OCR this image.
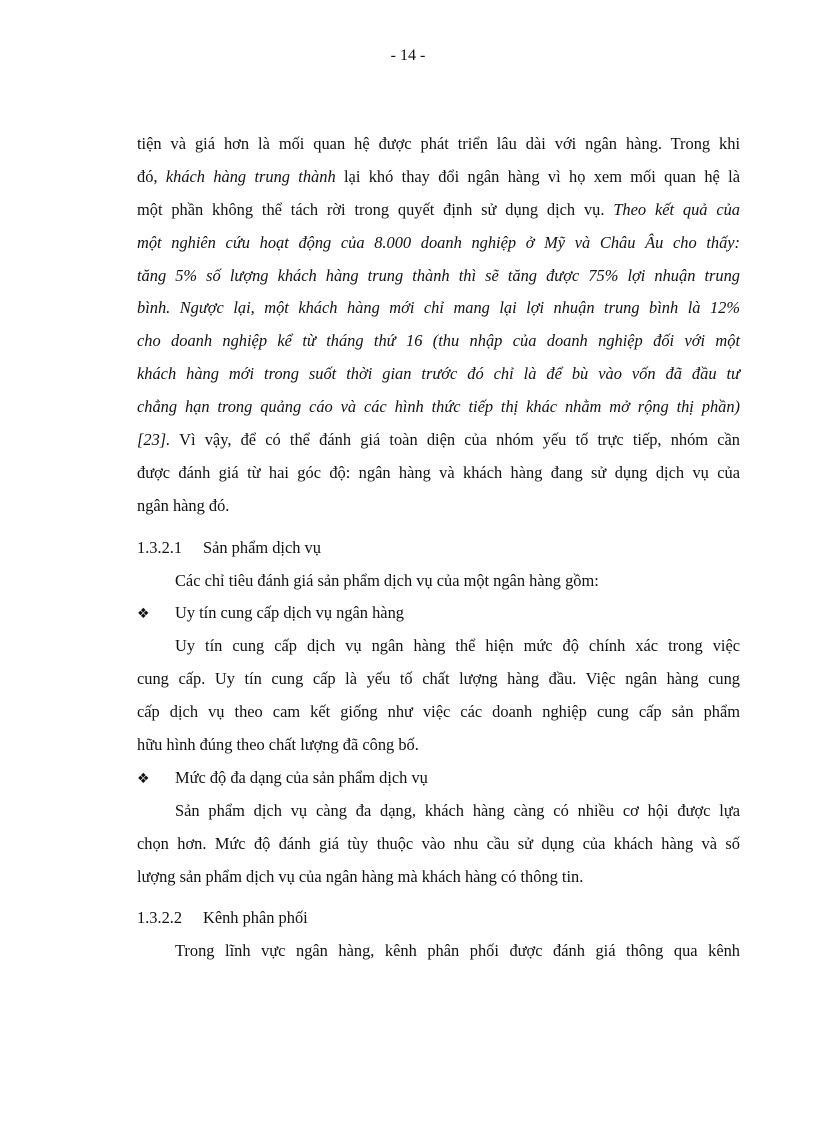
- 14 -
tiện và giá hơn là mối quan hệ được phát triển lâu dài với ngân hàng. Trong khi
đó, khách hàng trung thành lại khó thay đổi ngân hàng vì họ xem mối quan hệ là
một phần không thể tách rời trong quyết định sử dụng dịch vụ. Theo kết quả của
một nghiên cứu hoạt động của 8.000 doanh nghiệp ở Mỹ và Châu Âu cho thấy:
tăng 5% số lượng khách hàng trung thành thì sẽ tăng được 75% lợi nhuận trung
bình. Ngược lại, một khách hàng mới chỉ mang lại lợi nhuận trung bình là 12%
cho doanh nghiệp kể từ tháng thứ 16 (thu nhập của doanh nghiệp đối với một
khách hàng mới trong suốt thời gian trước đó chỉ là để bù vào vốn đã đầu tư
chẳng hạn trong quảng cáo và các hình thức tiếp thị khác nhằm mở rộng thị phần)
[23]. Vì vậy, để có thể đánh giá toàn diện của nhóm yếu tố trực tiếp, nhóm cần
được đánh giá từ hai góc độ: ngân hàng và khách hàng đang sử dụng dịch vụ của
ngân hàng đó.
1.3.2.1 Sản phẩm dịch vụ
Các chỉ tiêu đánh giá sản phẩm dịch vụ của một ngân hàng gồm:
❖ Uy tín cung cấp dịch vụ ngân hàng
Uy tín cung cấp dịch vụ ngân hàng thể hiện mức độ chính xác trong việc
cung cấp. Uy tín cung cấp là yếu tố chất lượng hàng đầu. Việc ngân hàng cung
cấp dịch vụ theo cam kết giống như việc các doanh nghiệp cung cấp sản phẩm
hữu hình đúng theo chất lượng đã công bố.
❖ Mức độ đa dạng của sản phẩm dịch vụ
Sản phẩm dịch vụ càng đa dạng, khách hàng càng có nhiều cơ hội được lựa
chọn hơn. Mức độ đánh giá tùy thuộc vào nhu cầu sử dụng của khách hàng và số
lượng sản phẩm dịch vụ của ngân hàng mà khách hàng có thông tin.
1.3.2.2 Kênh phân phối
Trong lĩnh vực ngân hàng, kênh phân phối được đánh giá thông qua kênh
